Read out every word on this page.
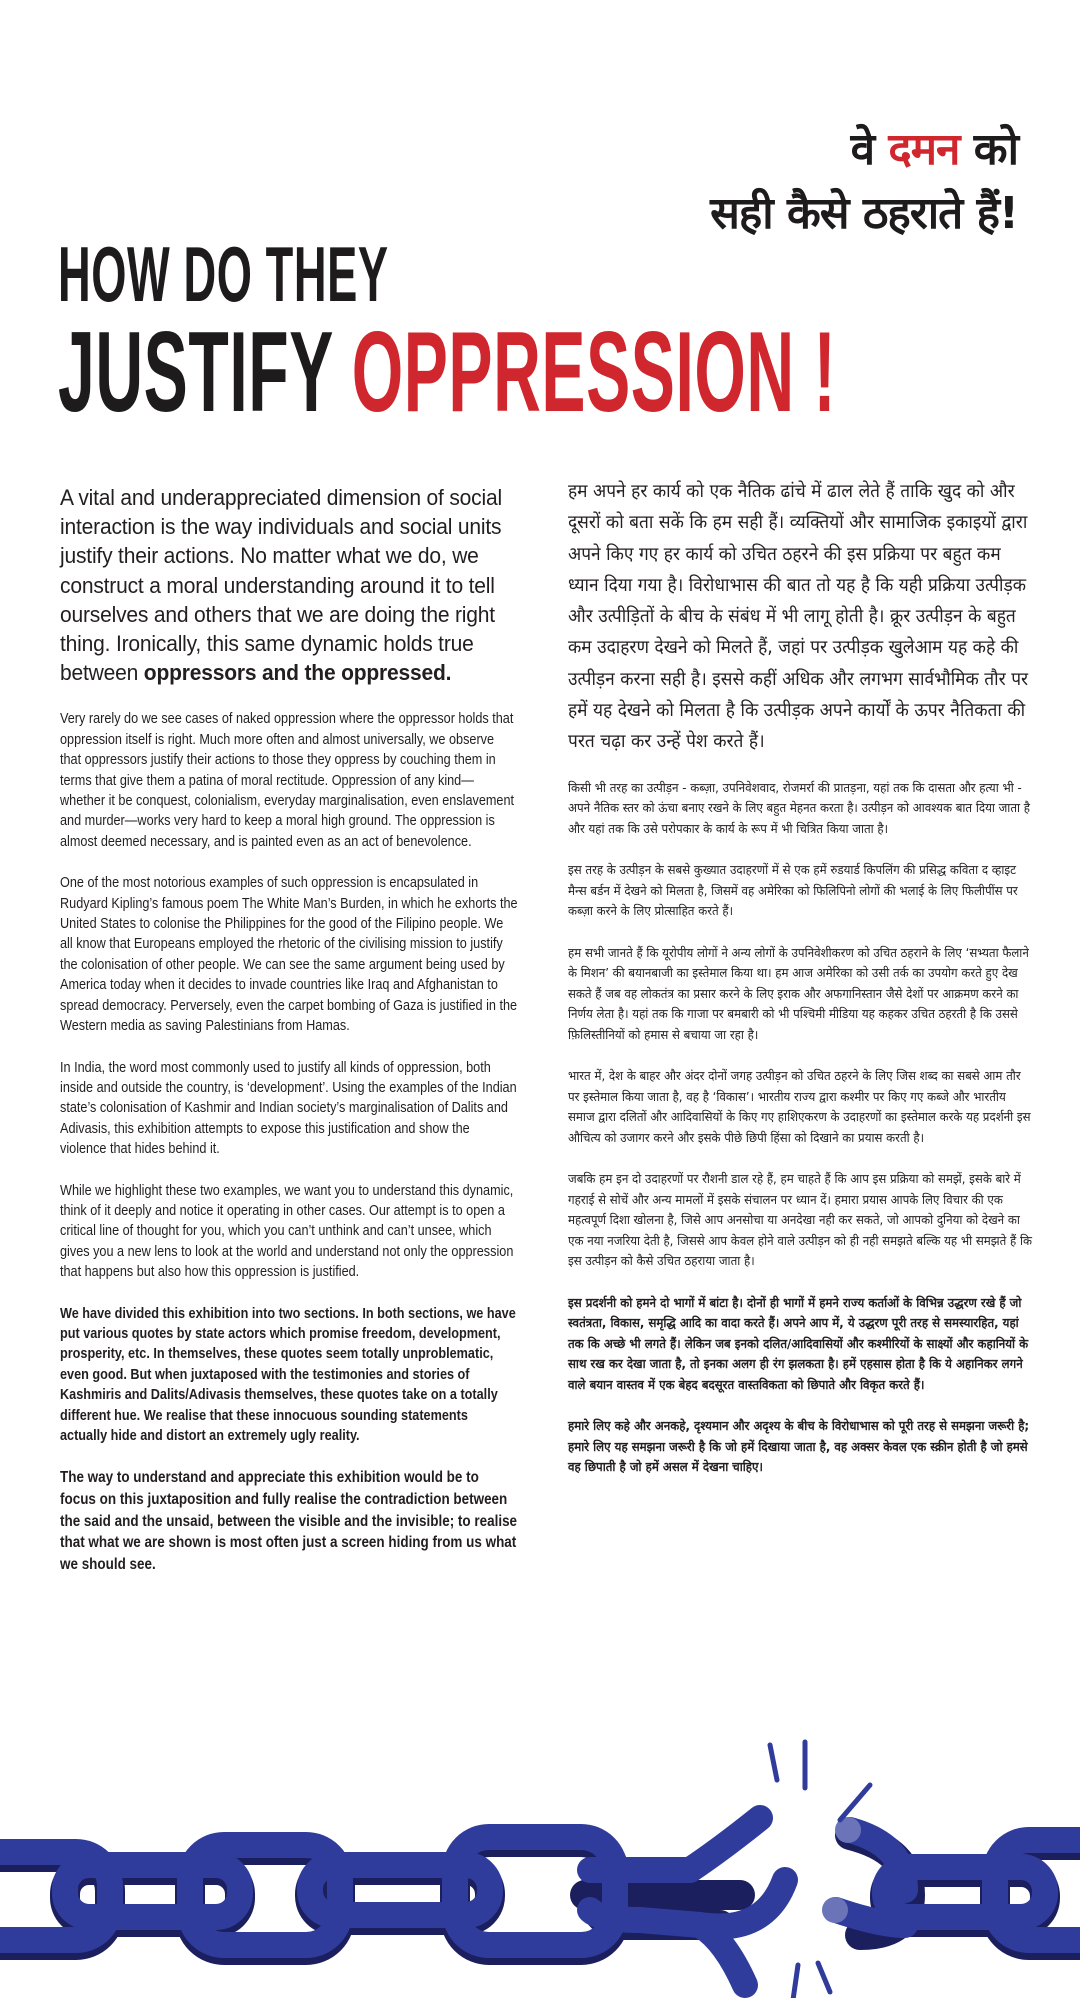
वे दमन को
सही कैसे ठहराते हैं!
HOW DO THEY
JUSTIFY OPPRESSION !

A vital and underappreciated dimension of social interaction is the way individuals and social units justify their actions. No matter what we do, we construct a moral understanding around it to tell ourselves and others that we are doing the right thing. Ironically, this same dynamic holds true between oppressors and the oppressed.

Very rarely do we see cases of naked oppression where the oppressor holds that oppression itself is right. Much more often and almost universally, we observe that oppressors justify their actions to those they oppress by couching them in terms that give them a patina of moral rectitude. Oppression of any kind—whether it be conquest, colonialism, everyday marginalisation, even enslavement and murder—works very hard to keep a moral high ground. The oppression is almost deemed necessary, and is painted even as an act of benevolence.

One of the most notorious examples of such oppression is encapsulated in Rudyard Kipling’s famous poem The White Man’s Burden, in which he exhorts the United States to colonise the Philippines for the good of the Filipino people. We all know that Europeans employed the rhetoric of the civilising mission to justify the colonisation of other people. We can see the same argument being used by America today when it decides to invade countries like Iraq and Afghanistan to spread democracy. Perversely, even the carpet bombing of Gaza is justified in the Western media as saving Palestinians from Hamas.

In India, the word most commonly used to justify all kinds of oppression, both inside and outside the country, is ‘development’. Using the examples of the Indian state’s colonisation of Kashmir and Indian society’s marginalisation of Dalits and Adivasis, this exhibition attempts to expose this justification and show the violence that hides behind it.

While we highlight these two examples, we want you to understand this dynamic, think of it deeply and notice it operating in other cases. Our attempt is to open a critical line of thought for you, which you can’t unthink and can’t unsee, which gives you a new lens to look at the world and understand not only the oppression that happens but also how this oppression is justified.

We have divided this exhibition into two sections. In both sections, we have put various quotes by state actors which promise freedom, development, prosperity, etc. In themselves, these quotes seem totally unproblematic, even good. But when juxtaposed with the testimonies and stories of Kashmiris and Dalits/Adivasis themselves, these quotes take on a totally different hue. We realise that these innocuous sounding statements actually hide and distort an extremely ugly reality.

The way to understand and appreciate this exhibition would be to focus on this juxtaposition and fully realise the contradiction between the said and the unsaid, between the visible and the invisible; to realise that what we are shown is most often just a screen hiding from us what we should see.

हम अपने हर कार्य को एक नैतिक ढांचे में ढाल लेते हैं ताकि खुद को और दूसरों को बता सकें कि हम सही हैं। व्यक्तियों और सामाजिक इकाइयों द्वारा अपने किए गए हर कार्य को उचित ठहरने की इस प्रक्रिया पर बहुत कम ध्यान दिया गया है। विरोधाभास की बात तो यह है कि यही प्रक्रिया उत्पीड़क और उत्पीड़ितों के बीच के संबंध में भी लागू होती है। क्रूर उत्पीड़न के बहुत कम उदाहरण देखने को मिलते हैं, जहां पर उत्पीड़क खुलेआम यह कहे की उत्पीड़न करना सही है। इससे कहीं अधिक और लगभग सार्वभौमिक तौर पर हमें यह देखने को मिलता है कि उत्पीड़क अपने कार्यों के ऊपर नैतिकता की परत चढ़ा कर उन्हें पेश करते हैं।

किसी भी तरह का उत्पीड़न - कब्ज़ा, उपनिवेशवाद, रोजमर्रा की प्रातड़ना, यहां तक कि दासता और हत्या भी - अपने नैतिक स्तर को ऊंचा बनाए रखने के लिए बहुत मेहनत करता है। उत्पीड़न को आवश्यक बात दिया जाता है और यहां तक कि उसे परोपकार के कार्य के रूप में भी चित्रित किया जाता है।

इस तरह के उत्पीड़न के सबसे कुख्यात उदाहरणों में से एक हमें रुडयार्ड किपलिंग की प्रसिद्ध कविता द व्हाइट मैन्स बर्डन में देखने को मिलता है, जिसमें वह अमेरिका को फिलिपिनो लोगों की भलाई के लिए फिलीपींस पर कब्ज़ा करने के लिए प्रोत्साहित करते हैं।

हम सभी जानते हैं कि यूरोपीय लोगों ने अन्य लोगों के उपनिवेशीकरण को उचित ठहराने के लिए ‘सभ्यता फैलाने के मिशन’ की बयानबाजी का इस्तेमाल किया था। हम आज अमेरिका को उसी तर्क का उपयोग करते हुए देख सकते हैं जब वह लोकतंत्र का प्रसार करने के लिए इराक और अफगानिस्तान जैसे देशों पर आक्रमण करने का निर्णय लेता है। यहां तक कि गाजा पर बमबारी को भी पश्चिमी मीडिया यह कहकर उचित ठहरती है कि उससे फ़िलिस्तीनियों को हमास से बचाया जा रहा है।

भारत में, देश के बाहर और अंदर दोनों जगह उत्पीड़न को उचित ठहरने के लिए जिस शब्द का सबसे आम तौर पर इस्तेमाल किया जाता है, वह है ‘विकास’। भारतीय राज्य द्वारा कश्मीर पर किए गए कब्जे और भारतीय समाज द्वारा दलितों और आदिवासियों के किए गए हाशिएकरण के उदाहरणों का इस्तेमाल करके यह प्रदर्शनी इस औचित्य को उजागर करने और इसके पीछे छिपी हिंसा को दिखाने का प्रयास करती है।

जबकि हम इन दो उदाहरणों पर रौशनी डाल रहे हैं, हम चाहते हैं कि आप इस प्रक्रिया को समझें, इसके बारे में गहराई से सोचें और अन्य मामलों में इसके संचालन पर ध्यान दें। हमारा प्रयास आपके लिए विचार की एक महत्वपूर्ण दिशा खोलना है, जिसे आप अनसोचा या अनदेखा नही कर सकते, जो आपको दुनिया को देखने का एक नया नजरिया देती है, जिससे आप केवल होने वाले उत्पीड़न को ही नही समझते बल्कि यह भी समझते हैं कि इस उत्पीड़न को कैसे उचित ठहराया जाता है।

इस प्रदर्शनी को हमने दो भागों में बांटा है। दोनों ही भागों में हमने राज्य कर्ताओं के विभिन्न उद्धरण रखे हैं जो स्वतंत्रता, विकास, समृद्धि आदि का वादा करते हैं। अपने आप में, ये उद्धरण पूरी तरह से समस्यारहित, यहां तक कि अच्छे भी लगते हैं। लेकिन जब इनको दलित/आदिवासियों और कश्मीरियों के साक्ष्यों और कहानियों के साथ रख कर देखा जाता है, तो इनका अलग ही रंग झलकता है। हमें एहसास होता है कि ये अहानिकर लगने वाले बयान वास्तव में एक बेहद बदसूरत वास्तविकता को छिपाते और विकृत करते हैं।

हमारे लिए कहे और अनकहे, दृश्यमान और अदृश्य के बीच के विरोधाभास को पूरी तरह से समझना जरूरी है; हमारे लिए यह समझना जरूरी है कि जो हमें दिखाया जाता है, वह अक्सर केवल एक स्क्रीन होती है जो हमसे वह छिपाती है जो हमें असल में देखना चाहिए।
